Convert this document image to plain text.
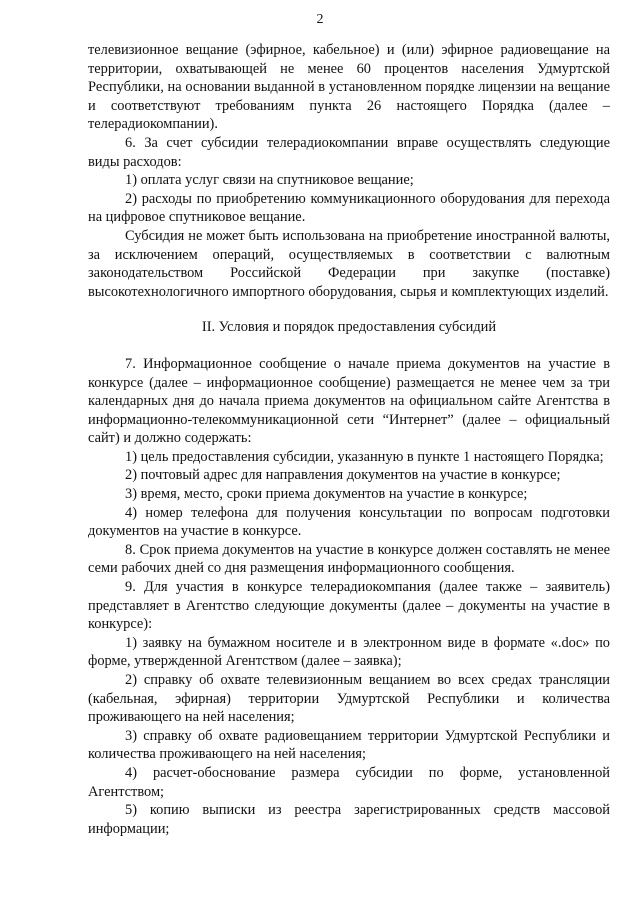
2

телевизионное вещание (эфирное, кабельное) и (или) эфирное радиовещание на территории, охватывающей не менее 60 процентов населения Удмуртской Республики, на основании выданной в установленном порядке лицензии на вещание и соответствуют требованиям пункта 26 настоящего Порядка (далее – телерадиокомпании).

6. За счет субсидии телерадиокомпании вправе осуществлять следующие виды расходов:

1) оплата услуг связи на спутниковое вещание;

2) расходы по приобретению коммуникационного оборудования для перехода на цифровое спутниковое вещание.

Субсидия не может быть использована на приобретение иностранной валюты, за исключением операций, осуществляемых в соответствии с валютным законодательством Российской Федерации при закупке (поставке) высокотехнологичного импортного оборудования, сырья и комплектующих изделий.

II. Условия и порядок предоставления субсидий

7. Информационное сообщение о начале приема документов на участие в конкурсе (далее – информационное сообщение) размещается не менее чем за три календарных дня до начала приема документов на официальном сайте Агентства в информационно-телекоммуникационной сети “Интернет” (далее – официальный сайт) и должно содержать:

1) цель предоставления субсидии, указанную в пункте 1 настоящего Порядка;

2) почтовый адрес для направления документов на участие в конкурсе;

3) время, место, сроки приема документов на участие в конкурсе;

4) номер телефона для получения консультации по вопросам подготовки документов на участие в конкурсе.

8. Срок приема документов на участие в конкурсе должен составлять не менее семи рабочих дней со дня размещения информационного сообщения.

9. Для участия в конкурсе телерадиокомпания (далее также – заявитель) представляет в Агентство следующие документы (далее – документы на участие в конкурсе):

1) заявку на бумажном носителе и в электронном виде в формате «.doc» по форме, утвержденной Агентством (далее – заявка);

2) справку об охвате телевизионным вещанием во всех средах трансляции (кабельная, эфирная) территории Удмуртской Республики и количества проживающего на ней населения;

3) справку об охвате радиовещанием территории Удмуртской Республики и количества проживающего на ней населения;

4) расчет-обоснование размера субсидии по форме, установленной Агентством;

5) копию выписки из реестра зарегистрированных средств массовой информации;
